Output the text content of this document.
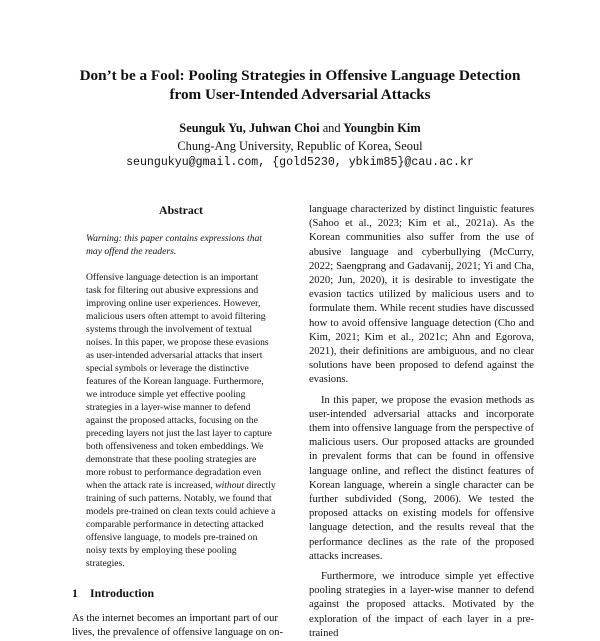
Don’t be a Fool: Pooling Strategies in Offensive Language Detection
from User-Intended Adversarial Attacks
Seunguk Yu, Juhwan Choi and Youngbin Kim
Chung-Ang University, Republic of Korea, Seoul
seungukyu@gmail.com, {gold5230, ybkim85}@cau.ac.kr
Abstract
Warning: this paper contains expressions that may offend the readers.
Offensive language detection is an important task for filtering out abusive expressions and improving online user experiences. However, malicious users often attempt to avoid filtering systems through the involvement of textual noises. In this paper, we propose these evasions as user-intended adversarial attacks that insert special symbols or leverage the distinctive features of the Korean language. Furthermore, we introduce simple yet effective pooling strategies in a layer-wise manner to defend against the proposed attacks, focusing on the preceding layers not just the last layer to capture both offensiveness and token embeddings. We demonstrate that these pooling strategies are more robust to performance degradation even when the attack rate is increased, without directly training of such patterns. Notably, we found that models pre-trained on clean texts could achieve a comparable performance in detecting attacked offensive language, to models pre-trained on noisy texts by employing these pooling strategies.
1 Introduction

As the internet becomes an important part of our lives, the prevalence of offensive language on on-

language characterized by distinct linguistic features (Sahoo et al., 2023; Kim et al., 2021a). As the Korean communities also suffer from the use of abusive language and cyberbullying (McCurry, 2022; Saengprang and Gadavanij, 2021; Yi and Cha, 2020; Jun, 2020), it is desirable to investigate the evasion tactics utilized by malicious users and to formulate them. While recent studies have discussed how to avoid offensive language detection (Cho and Kim, 2021; Kim et al., 2021c; Ahn and Egorova, 2021), their definitions are ambiguous, and no clear solutions have been proposed to defend against the evasions.

In this paper, we propose the evasion methods as user-intended adversarial attacks and incorporate them into offensive language from the perspective of malicious users. Our proposed attacks are grounded in prevalent forms that can be found in offensive language online, and reflect the distinct features of Korean language, wherein a single character can be further subdivided (Song, 2006). We tested the proposed attacks on existing models for offensive language detection, and the results reveal that the performance declines as the rate of the proposed attacks increases.

Furthermore, we introduce simple yet effective pooling strategies in a layer-wise manner to defend against the proposed attacks. Motivated by the exploration of the impact of each layer in a pre-trained
